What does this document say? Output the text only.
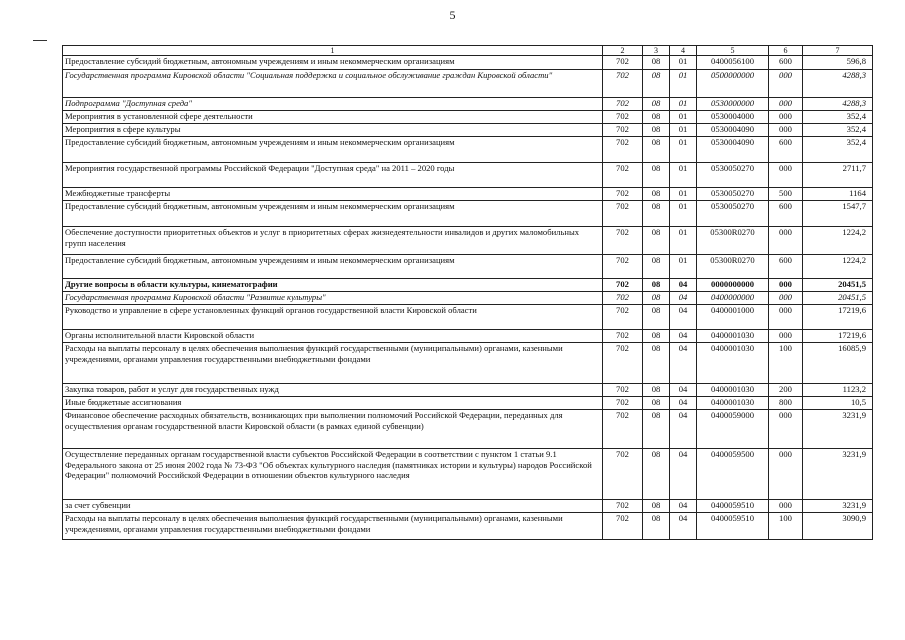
5
1	2	3	4	5	6	7
Предоставление субсидий бюджетным, автономным учреждениям и иным некоммерческим организациям	702	08	01	0400056100	600	596,8
Государственная программа Кировской области "Социальная поддержка и социальное обслуживание граждан Кировской области"	702	08	01	0500000000	000	4288,3
Подпрограмма "Доступная среда"	702	08	01	0530000000	000	4288,3
Мероприятия в установленной сфере деятельности	702	08	01	0530004000	000	352,4
Мероприятия в сфере культуры	702	08	01	0530004090	000	352,4
Предоставление субсидий бюджетным, автономным учреждениям и иным некоммерческим организациям	702	08	01	0530004090	600	352,4
Мероприятия государственной программы Российской Федерации "Доступная среда" на 2011 – 2020 годы	702	08	01	0530050270	000	2711,7
Межбюджетные трансферты	702	08	01	0530050270	500	1164
Предоставление субсидий бюджетным, автономным учреждениям и иным некоммерческим организациям	702	08	01	0530050270	600	1547,7
Обеспечение доступности приоритетных объектов и услуг в приоритетных сферах жизнедеятельности инвалидов и других маломобильных групп населения	702	08	01	05300R0270	000	1224,2
Предоставление субсидий бюджетным, автономным учреждениям и иным некоммерческим организациям	702	08	01	05300R0270	600	1224,2
Другие вопросы в области культуры, кинематографии	702	08	04	0000000000	000	20451,5
Государственная программа Кировской области "Развитие культуры"	702	08	04	0400000000	000	20451,5
Руководство и управление в сфере установленных функций органов государственной власти Кировской области	702	08	04	0400001000	000	17219,6
Органы исполнительной власти Кировской области	702	08	04	0400001030	000	17219,6
Расходы на выплаты персоналу в целях обеспечения выполнения функций государственными (муниципальными) органами, казенными учреждениями, органами управления государственными внебюджетными фондами	702	08	04	0400001030	100	16085,9
Закупка товаров, работ и услуг для государственных нужд	702	08	04	0400001030	200	1123,2
Иные бюджетные ассигнования	702	08	04	0400001030	800	10,5
Финансовое обеспечение расходных обязательств, возникающих при выполнении полномочий Российской Федерации, переданных для осуществления органам государственной власти Кировской области (в рамках единой субвенции)	702	08	04	0400059000	000	3231,9
Осуществление переданных органам государственной власти субъектов Российской Федерации в соответствии с пунктом 1 статьи 9.1 Федерального закона от 25 июня 2002 года № 73-ФЗ "Об объектах культурного наследия (памятниках истории и культуры) народов Российской Федерации" полномочий Российской Федерации в отношении объектов культурного наследия	702	08	04	0400059500	000	3231,9
за счет субвенции	702	08	04	0400059510	000	3231,9
Расходы на выплаты персоналу в целях обеспечения выполнения функций государственными (муниципальными) органами, казенными учреждениями, органами управления государственными внебюджетными фондами	702	08	04	0400059510	100	3090,9
